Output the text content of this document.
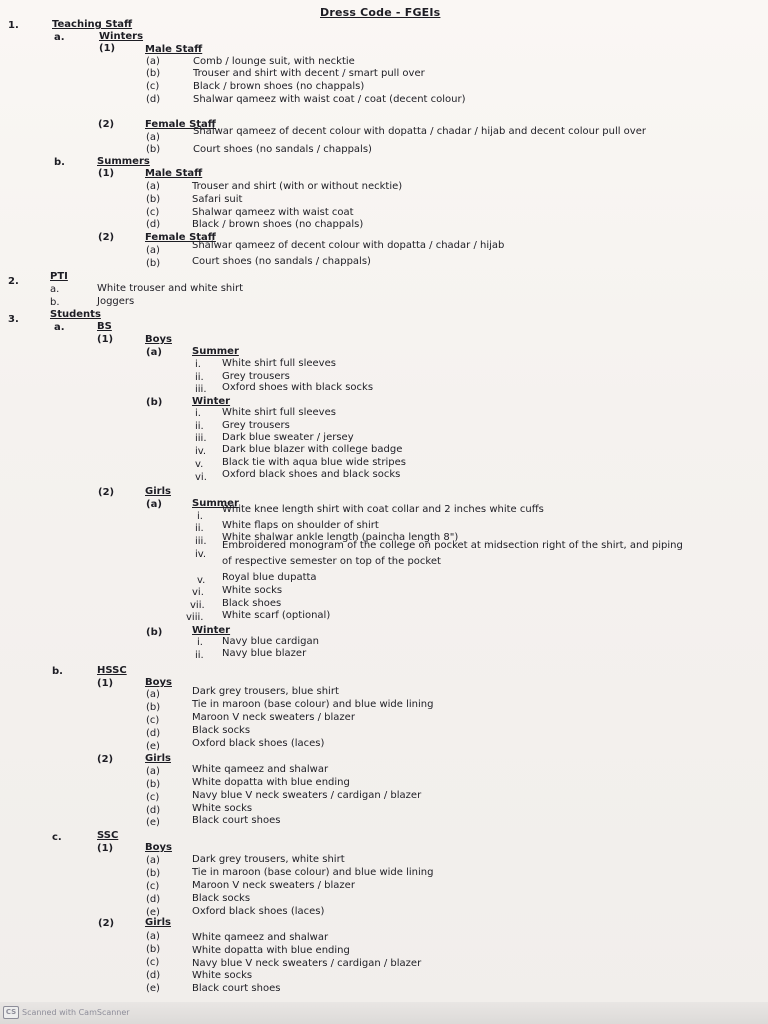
Dress Code - FGEIs
1.	Teaching Staff
a.	Winters
(1)	Male Staff
(a)	Comb / lounge suit, with necktie
(b)	Trouser and shirt with decent / smart pull over
(c)	Black / brown shoes (no chappals)
(d)	Shalwar qameez with waist coat / coat (decent colour)
(2)	Female Staff
(a)
Shalwar qameez of decent colour with dopatta / chadar / hijab and decent colour pull over
(b)	Court shoes (no sandals / chappals)
b.	Summers
(1)	Male Staff
(a)	Trouser and shirt (with or without necktie)
(b)	Safari suit
(c)	Shalwar qameez with waist coat
(d)	Black / brown shoes (no chappals)
(2)	Female Staff
(a)	Shalwar qameez of decent colour with dopatta / chadar / hijab
(b)	Court shoes (no sandals / chappals)
2.	PTI
a.	White trouser and white shirt
b.	Joggers
3.	Students
a.	BS
(1)	Boys
(a)	Summer
i. White shirt full sleeves
ii. Grey trousers
iii. Oxford shoes with black socks
(b)	Winter
i. White shirt full sleeves
ii. Grey trousers
iii. Dark blue sweater / jersey
iv. Dark blue blazer with college badge
v. Black tie with aqua blue wide stripes
vi. Oxford black shoes and black socks
(2)	Girls
(a)	Summer
i.
White knee length shirt with coat collar and 2 inches white cuffs
ii. White flaps on shoulder of shirt
iii. White shalwar ankle length (paincha length 8")
iv.
Embroidered monogram of the college on pocket at midsection right of the shirt, and piping
of respective semester on top of the pocket
v. Royal blue dupatta
vi. White socks
vii. Black shoes
viii. White scarf (optional)
(b)	Winter
i. Navy blue cardigan
ii. Navy blue blazer
b.	HSSC
(1)	Boys
(a)	Dark grey trousers, blue shirt
(b)	Tie in maroon (base colour) and blue wide lining
(c)	Maroon V neck sweaters / blazer
(d)	Black socks
(e)	Oxford black shoes (laces)
(2)	Girls
(a)	White qameez and shalwar
(b)	White dopatta with blue ending
(c)	Navy blue V neck sweaters / cardigan / blazer
(d)	White socks
(e)	Black court shoes
c.	SSC
(1)	Boys
(a)	Dark grey trousers, white shirt
(b)	Tie in maroon (base colour) and blue wide lining
(c)	Maroon V neck sweaters / blazer
(d)	Black socks
(e)	Oxford black shoes (laces)
(2)	Girls
(a)	White qameez and shalwar
(b)	White dopatta with blue ending
(c)	Navy blue V neck sweaters / cardigan / blazer
(d)	White socks
(e)	Black court shoes
CS Scanned with CamScanner
